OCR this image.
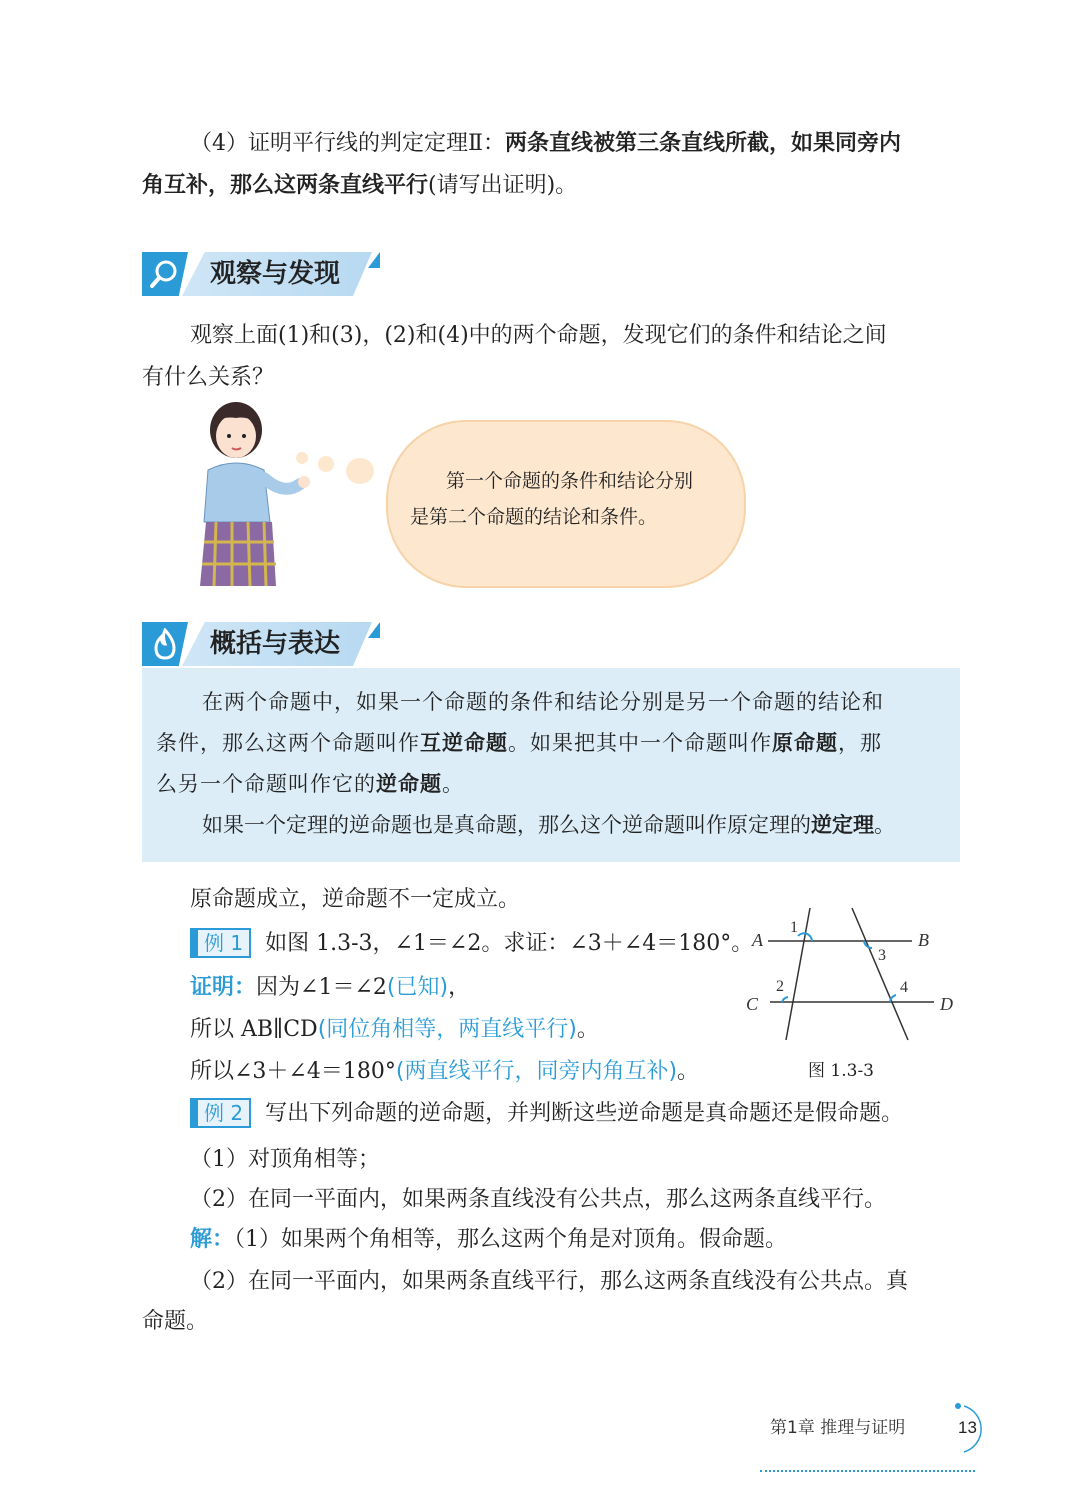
（4）证明平行线的判定定理Ⅱ：两条直线被第三条直线所截，如果同旁内
角互补，那么这两条直线平行(请写出证明)。
观察与发现
观察上面(1)和(3)，(2)和(4)中的两个命题，发现它们的条件和结论之间
有什么关系？
第一个命题的条件和结论分别
是第二个命题的结论和条件。
概括与表达
在两个命题中，如果一个命题的条件和结论分别是另一个命题的结论和
条件，那么这两个命题叫作互逆命题。如果把其中一个命题叫作原命题，那
么另一个命题叫作它的逆命题。
如果一个定理的逆命题也是真命题，那么这个逆命题叫作原定理的逆定理。
原命题成立，逆命题不一定成立。
例 1 如图 1.3-3，∠1＝∠2。求证：∠3＋∠4＝180°。
证明：因为∠1＝∠2(已知)，
所以 AB∥CD(同位角相等，两直线平行)。
所以∠3＋∠4＝180°(两直线平行，同旁内角互补)。
A	B
C	D
1
2
3
4
图 1.3-3
例 2 写出下列命题的逆命题，并判断这些逆命题是真命题还是假命题。
（1）对顶角相等；
（2）在同一平面内，如果两条直线没有公共点，那么这两条直线平行。
解：（1）如果两个角相等，那么这两个角是对顶角。假命题。
（2）在同一平面内，如果两条直线平行，那么这两条直线没有公共点。真
命题。
第1章 推理与证明	13
